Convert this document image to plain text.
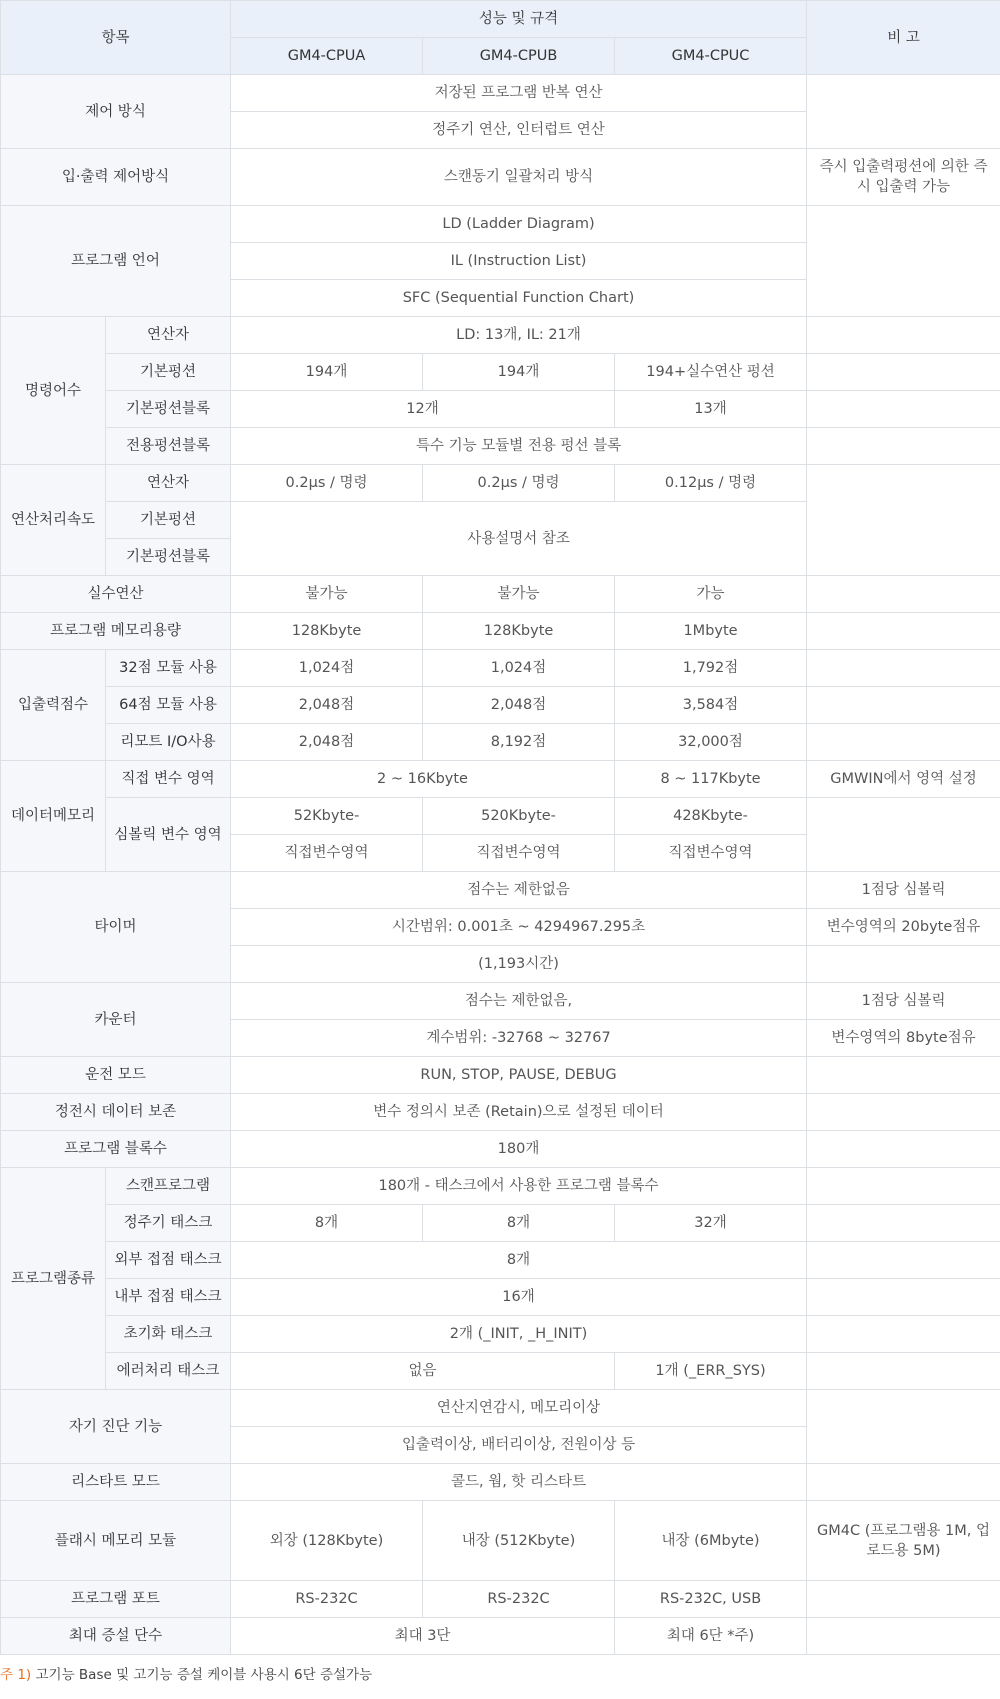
항목		성능 및 규격			비 고
		GM4-CPUA	GM4-CPUB	GM4-CPUC	
제어 방식		저장된 프로그램 반복 연산			
		정주기 연산, 인터럽트 연산			
입·출력 제어방식		스캔동기 일괄처리 방식			즉시 입출력펑션에 의한 즉시 입출력 가능
프로그램 언어		LD (Ladder Diagram)			
		IL (Instruction List)			
		SFC (Sequential Function Chart)			
명령어수	연산자	LD: 13개, IL: 21개			
	기본펑션	194개	194개	194+실수연산 펑션	
	기본펑션블록	12개		13개	
	전용펑션블록	특수 기능 모듈별 전용 펑선 블록			
연산처리속도	연산자	0.2μs / 명령	0.2μs / 명령	0.12μs / 명령	
	기본펑션	사용설명서 참조			
	기본펑션블록				
실수연산		불가능	불가능	가능	
프로그램 메모리용량		128Kbyte	128Kbyte	1Mbyte	
입출력점수	32점 모듈 사용	1,024점	1,024점	1,792점	
	64점 모듈 사용	2,048점	2,048점	3,584점	
	리모트 I/O사용	2,048점	8,192점	32,000점	
데이터메모리	직접 변수 영역	2 ~ 16Kbyte		8 ~ 117Kbyte	GMWIN에서 영역 설정
	심볼릭 변수 영역	52Kbyte-	520Kbyte-	428Kbyte-	
		직접변수영역	직접변수영역	직접변수영역	
타이머		점수는 제한없음			1점당 심볼릭
		시간범위: 0.001초 ~ 4294967.295초			변수영역의 20byte점유
		(1,193시간)			
카운터		점수는 제한없음,			1점당 심볼릭
		계수범위: -32768 ~ 32767			변수영역의 8byte점유
운전 모드		RUN, STOP, PAUSE, DEBUG			
정전시 데이터 보존		변수 정의시 보존 (Retain)으로 설정된 데이터			
프로그램 블록수		180개			
프로그램종류	스캔프로그램	180개 - 태스크에서 사용한 프로그램 블록수			
	정주기 태스크	8개	8개	32개	
	외부 접점 태스크	8개			
	내부 접점 태스크	16개			
	초기화 태스크	2개 (_INIT, _H_INIT)			
	에러처리 태스크	없음		1개 (_ERR_SYS)	
자기 진단 기능		연산지연감시, 메모리이상			
		입출력이상, 배터리이상, 전원이상 등			
리스타트 모드		콜드, 웜, 핫 리스타트			
플래시 메모리 모듈		외장 (128Kbyte)	내장 (512Kbyte)	내장 (6Mbyte)	GM4C (프로그램용 1M, 업로드용 5M)
프로그램 포트		RS-232C	RS-232C	RS-232C, USB	
최대 증설 단수		최대 3단		최대 6단 *주)	
주 1) 고기능 Base 및 고기능 증설 케이블 사용시 6단 증설가능
